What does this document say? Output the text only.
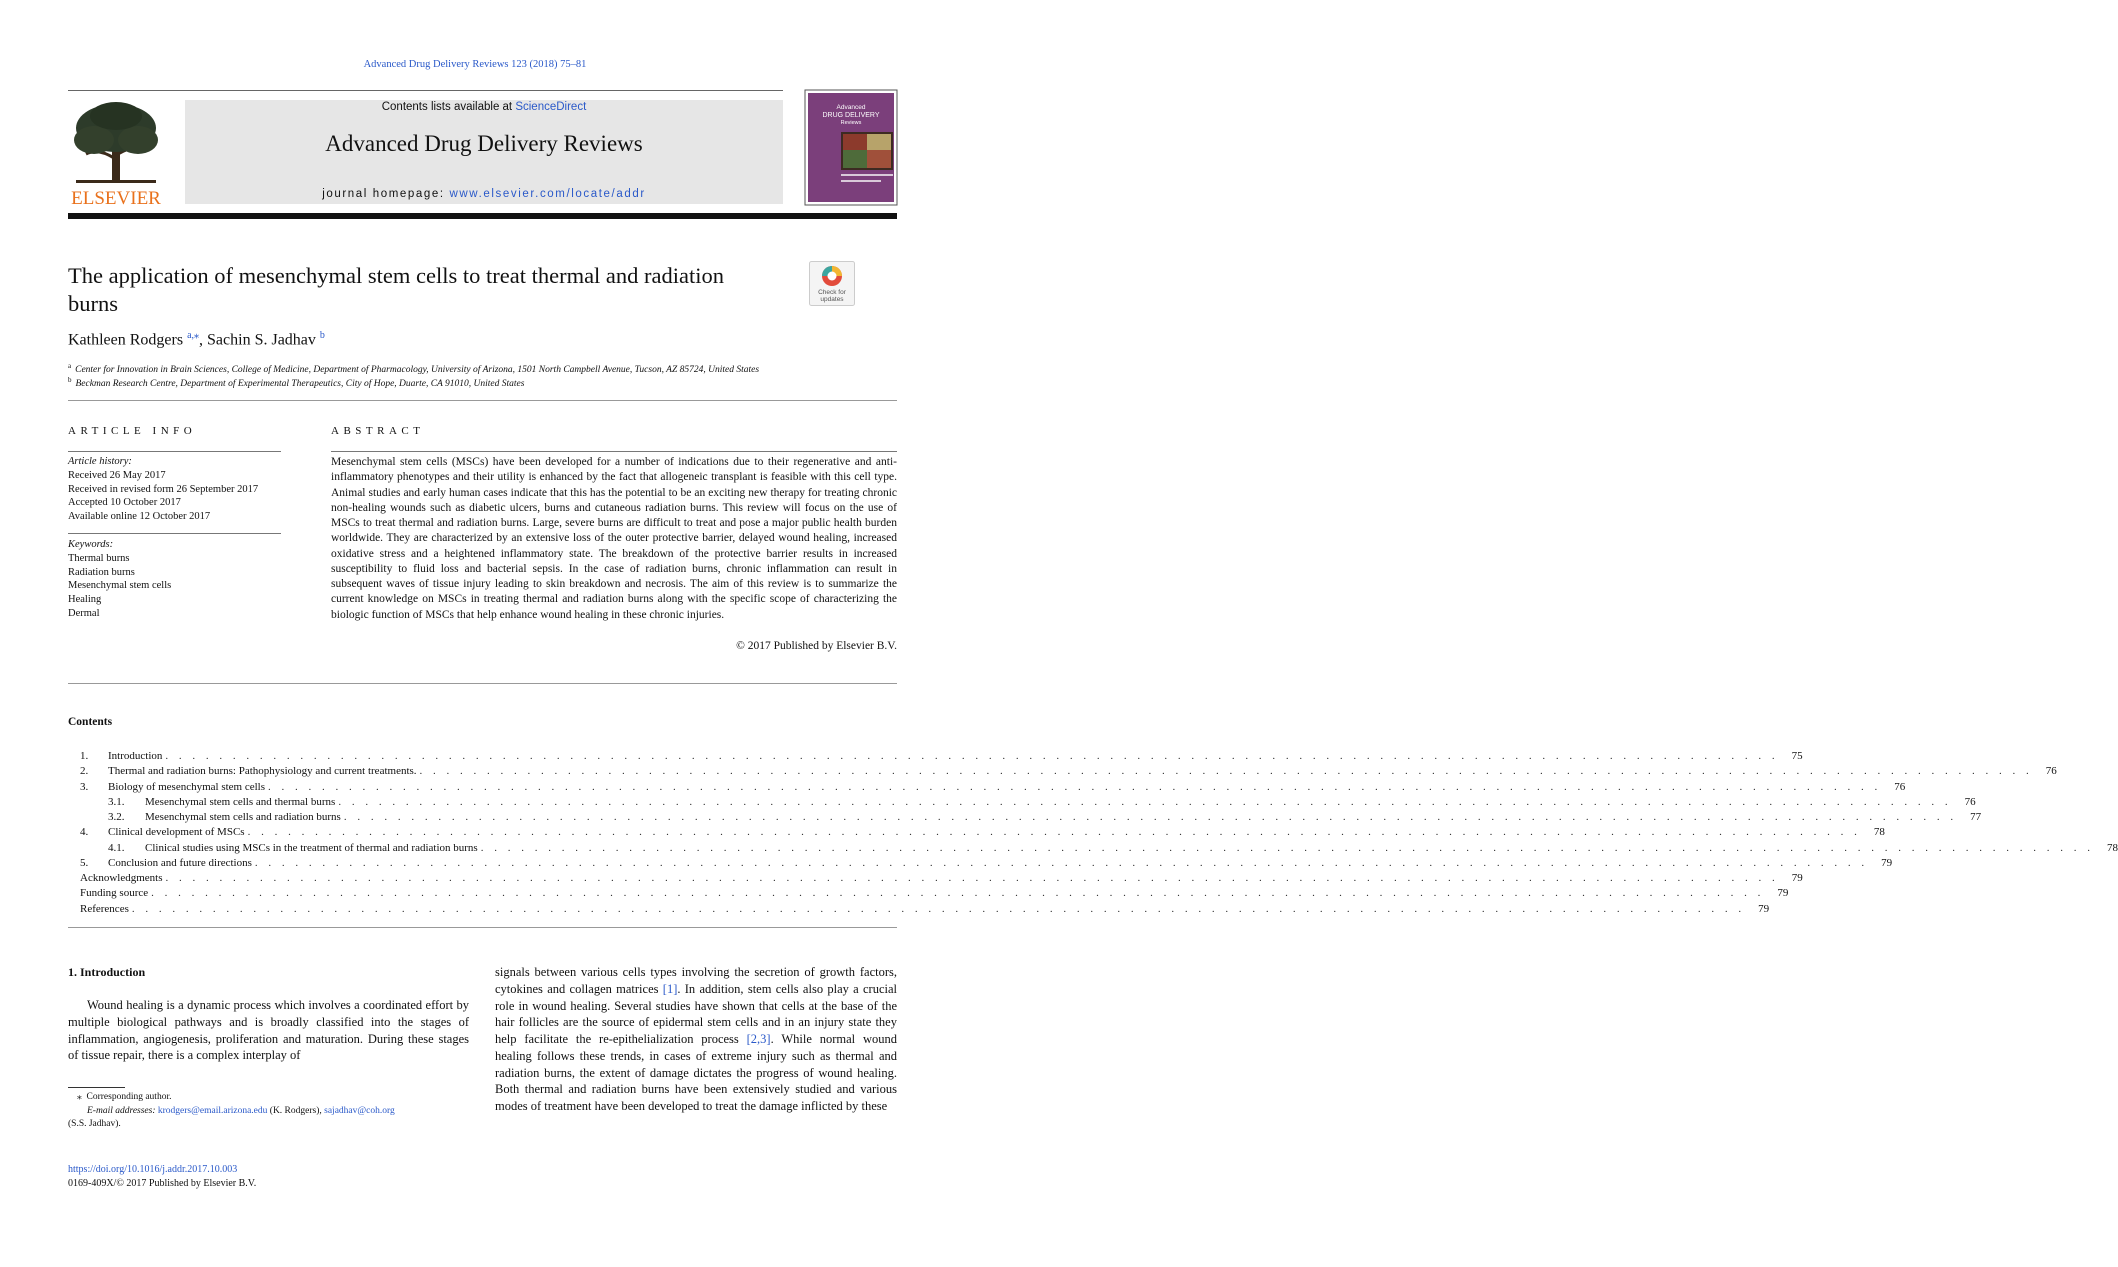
Advanced Drug Delivery Reviews 123 (2018) 75–81
ELSEVIER
Contents lists available at ScienceDirect
Advanced Drug Delivery Reviews
journal homepage: www.elsevier.com/locate/addr
Advanced
DRUG DELIVERY
Reviews
The application of mesenchymal stem cells to treat thermal and radiation burns	Check for
updates
Kathleen Rodgers $^{a,⁎}$, Sachin S. Jadhav $^b$
$^a$ Center for Innovation in Brain Sciences, College of Medicine, Department of Pharmacology, University of Arizona, 1501 North Campbell Avenue, Tucson, AZ 85724, United States
$^b$ Beckman Research Centre, Department of Experimental Therapeutics, City of Hope, Duarte, CA 91010, United States
ARTICLE INFO	ABSTRACT
Article history:
Received 26 May 2017
Received in revised form 26 September 2017
Accepted 10 October 2017
Available online 12 October 2017
Keywords:
Thermal burns
Radiation burns
Mesenchymal stem cells
Healing
Dermal
Mesenchymal stem cells (MSCs) have been developed for a number of indications due to their regenerative and anti-inflammatory phenotypes and their utility is enhanced by the fact that allogeneic transplant is feasible with this cell type. Animal studies and early human cases indicate that this has the potential to be an exciting new therapy for treating chronic non-healing wounds such as diabetic ulcers, burns and cutaneous radiation burns. This review will focus on the use of MSCs to treat thermal and radiation burns. Large, severe burns are difficult to treat and pose a major public health burden worldwide. They are characterized by an extensive loss of the outer protective barrier, delayed wound healing, increased oxidative stress and a heightened inflammatory state. The breakdown of the protective barrier results in increased susceptibility to fluid loss and bacterial sepsis. In the case of radiation burns, chronic inflammation can result in subsequent waves of tissue injury leading to skin breakdown and necrosis. The aim of this review is to summarize the current knowledge on MSCs in treating thermal and radiation burns along with the specific scope of characterizing the biologic function of MSCs that help enhance wound healing in these chronic injuries.
© 2017 Published by Elsevier B.V.
Contents
1.	Introduction . . . . . . . . . . . . . . . . . . . . . . . . . . . . . . . . . . . . . . . . . . . . . . . . . . . . . . . . . . . . . . . . . . . . . . . . . . . . . . . . . . . . . . . . . . . . . . . . . . . . . . . . . . . . . . . . . . . . . . . .	75
2.	Thermal and radiation burns: Pathophysiology and current treatments. . . . . . . . . . . . . . . . . . . . . . . . . . . . . . . . . . . . . . . . . . . . . . . . . . . . . . . . . . . . . . . . . . . . . . . . . . . . . . . . . . . . . . . . . . . . . . . . . . . . . . . . . . . . . . . . . . . . . . . . .	76
3.	Biology of mesenchymal stem cells . . . . . . . . . . . . . . . . . . . . . . . . . . . . . . . . . . . . . . . . . . . . . . . . . . . . . . . . . . . . . . . . . . . . . . . . . . . . . . . . . . . . . . . . . . . . . . . . . . . . . . . . . . . . . . . . . . . . . . . .	76
3.1.	Mesenchymal stem cells and thermal burns . . . . . . . . . . . . . . . . . . . . . . . . . . . . . . . . . . . . . . . . . . . . . . . . . . . . . . . . . . . . . . . . . . . . . . . . . . . . . . . . . . . . . . . . . . . . . . . . . . . . . . . . . . . . . . . . . . . . . . . .	76
3.2.	Mesenchymal stem cells and radiation burns . . . . . . . . . . . . . . . . . . . . . . . . . . . . . . . . . . . . . . . . . . . . . . . . . . . . . . . . . . . . . . . . . . . . . . . . . . . . . . . . . . . . . . . . . . . . . . . . . . . . . . . . . . . . . . . . . . . . . . . .	77
4.	Clinical development of MSCs . . . . . . . . . . . . . . . . . . . . . . . . . . . . . . . . . . . . . . . . . . . . . . . . . . . . . . . . . . . . . . . . . . . . . . . . . . . . . . . . . . . . . . . . . . . . . . . . . . . . . . . . . . . . . . . . . . . . . . . .	78
4.1.	Clinical studies using MSCs in the treatment of thermal and radiation burns . . . . . . . . . . . . . . . . . . . . . . . . . . . . . . . . . . . . . . . . . . . . . . . . . . . . . . . . . . . . . . . . . . . . . . . . . . . . . . . . . . . . . . . . . . . . . . . . . . . . . . . . . . . . . . . . . . . . . . . .	78
5.	Conclusion and future directions . . . . . . . . . . . . . . . . . . . . . . . . . . . . . . . . . . . . . . . . . . . . . . . . . . . . . . . . . . . . . . . . . . . . . . . . . . . . . . . . . . . . . . . . . . . . . . . . . . . . . . . . . . . . . . . . . . . . . . . .	79
Acknowledgments . . . . . . . . . . . . . . . . . . . . . . . . . . . . . . . . . . . . . . . . . . . . . . . . . . . . . . . . . . . . . . . . . . . . . . . . . . . . . . . . . . . . . . . . . . . . . . . . . . . . . . . . . . . . . . . . . . . . . . . .	79
Funding source . . . . . . . . . . . . . . . . . . . . . . . . . . . . . . . . . . . . . . . . . . . . . . . . . . . . . . . . . . . . . . . . . . . . . . . . . . . . . . . . . . . . . . . . . . . . . . . . . . . . . . . . . . . . . . . . . . . . . . . .	79
References . . . . . . . . . . . . . . . . . . . . . . . . . . . . . . . . . . . . . . . . . . . . . . . . . . . . . . . . . . . . . . . . . . . . . . . . . . . . . . . . . . . . . . . . . . . . . . . . . . . . . . . . . . . . . . . . . . . . . . . .	79
1. Introduction
Wound healing is a dynamic process which involves a coordinated effort by multiple biological pathways and is broadly classified into the stages of inflammation, angiogenesis, proliferation and maturation. During these stages of tissue repair, there is a complex interplay of
signals between various cells types involving the secretion of growth factors, cytokines and collagen matrices [1]. In addition, stem cells also play a crucial role in wound healing. Several studies have shown that cells at the base of the hair follicles are the source of epidermal stem cells and in an injury state they help facilitate the re-epithelialization process [2,3]. While normal wound healing follows these trends, in cases of extreme injury such as thermal and radiation burns, the extent of damage dictates the progress of wound healing. Both thermal and radiation burns have been extensively studied and various modes of treatment have been developed to treat the damage inflicted by these
⁎  Corresponding author.
E-mail addresses: krodgers@email.arizona.edu (K. Rodgers), sajadhav@coh.org
(S.S. Jadhav).
https://doi.org/10.1016/j.addr.2017.10.003
0169-409X/© 2017 Published by Elsevier B.V.
